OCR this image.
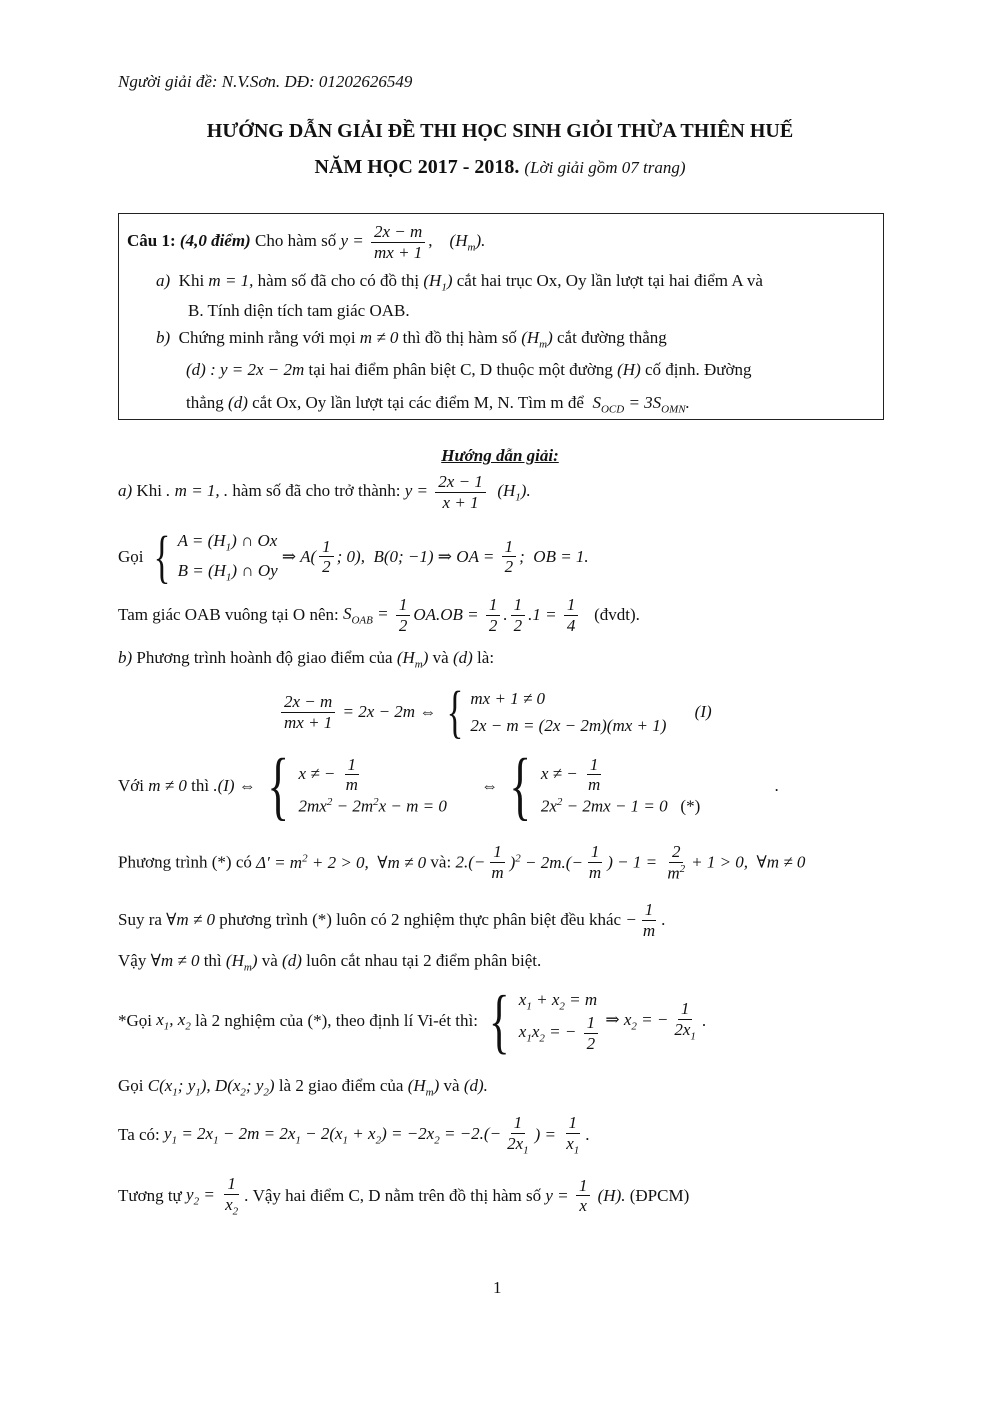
Người giải đề: N.V.Sơn. DĐ: 01202626549
HƯỚNG DẪN GIẢI ĐỀ THI HỌC SINH GIỎI THỪA THIÊN HUẾ
NĂM HỌC 2017 - 2018. (Lời giải gồm 07 trang)
Câu 1: (4,0 điểm) Cho hàm số $y = \frac{2x - m}{mx + 1}$ ,    $(H_m)$.
a) Khi m = 1, hàm số đã cho có đồ thị $(H_1)$ cắt hai trục Ox, Oy lần lượt tại hai điểm A và
B. Tính diện tích tam giác OAB.
b) Chứng minh rằng với mọi m ≠ 0 thì đồ thị hàm số $(H_m)$ cắt đường thẳng
(d) : y = 2x − 2m tại hai điểm phân biệt C, D thuộc một đường (H) cố định. Đường
thẳng (d) cắt Ox, Oy lần lượt tại các điểm M, N. Tìm m để  $S_{OCD} = 3S_{OMN}$.
Hướng dẫn giải:
a) Khi . m = 1, . hàm số đã cho trở thành: $y = \frac{2x - 1}{x + 1} (H_1)$.
Gọi { $A = (H_1)$ ∩ Ox
$B = (H_1)$ ∩ Oy
⇒ $A( \frac{1}{2}$ ; 0),  B(0; −1) ⇒ OA = $\frac{1}{2}$ ;  OB = 1.
Tam giác OAB vuông tại O nên: $S_{OAB} = \frac{1}{2} OA.OB = \frac{1}{2}$ . $\frac{1}{2} .1 = \frac{1}{4}$ (đvdt).
b) Phương trình hoành độ giao điểm của $(H_m)$ và (d) là:
$\frac{2x - m}{mx + 1} = 2x - 2m$ ⇔ { mx + 1 ≠ 0
2x − m = (2x − 2m)(mx + 1)
(I)
Với m ≠ 0 thì .(I) ⇔ { x ≠ − $\frac{1}{m}$
$2mx^2 - 2m^2x - m = 0$
⇔ { x ≠ − $\frac{1}{m}$
$2x^2 - 2mx - 1 = 0$   (*)
.
Phương trình (*) có $\Delta' = m^2 + 2 > 0$,  ∀m ≠ 0 và: $2.(- \frac{1}{m} )^2 - 2m.(- \frac{1}{m}$ ) − $1 = \frac{2}{m^2} + 1 > 0$,  ∀m ≠ 0
Suy ra ∀m ≠ 0 phương trình (*) luôn có 2 nghiệm thực phân biệt đều khác − $\frac{1}{m}$ .
Vậy ∀m ≠ 0 thì $(H_m)$ và (d) luôn cắt nhau tại 2 điểm phân biệt.
*Gọi $x_1$, $x_2$ là 2 nghiệm của (*), theo định lí Vi-ét thì: { $x_1 + x_2 = m$
$x_1x_2$ = − $\frac{1}{2}$ ⇒ $x_2$ = − $\frac{1}{2x_1}$ .
Gọi $C(x_1$; $y_1$), $D(x_2$; $y_2$) là 2 giao điểm của $(H_m)$ và (d).
Ta có: $y_1 = 2x_1 - 2m = 2x_1 - 2(x_1 + x_2) = -2x_2 = -2.(- \frac{1}{2x_1}$ ) = $\frac{1}{x_1}$ .
Tương tự $y_2 = \frac{1}{x_2}$ . Vậy hai điểm C, D nằm trên đồ thị hàm số $y = \frac{1}{x} (H)$. (ĐPCM)
1
